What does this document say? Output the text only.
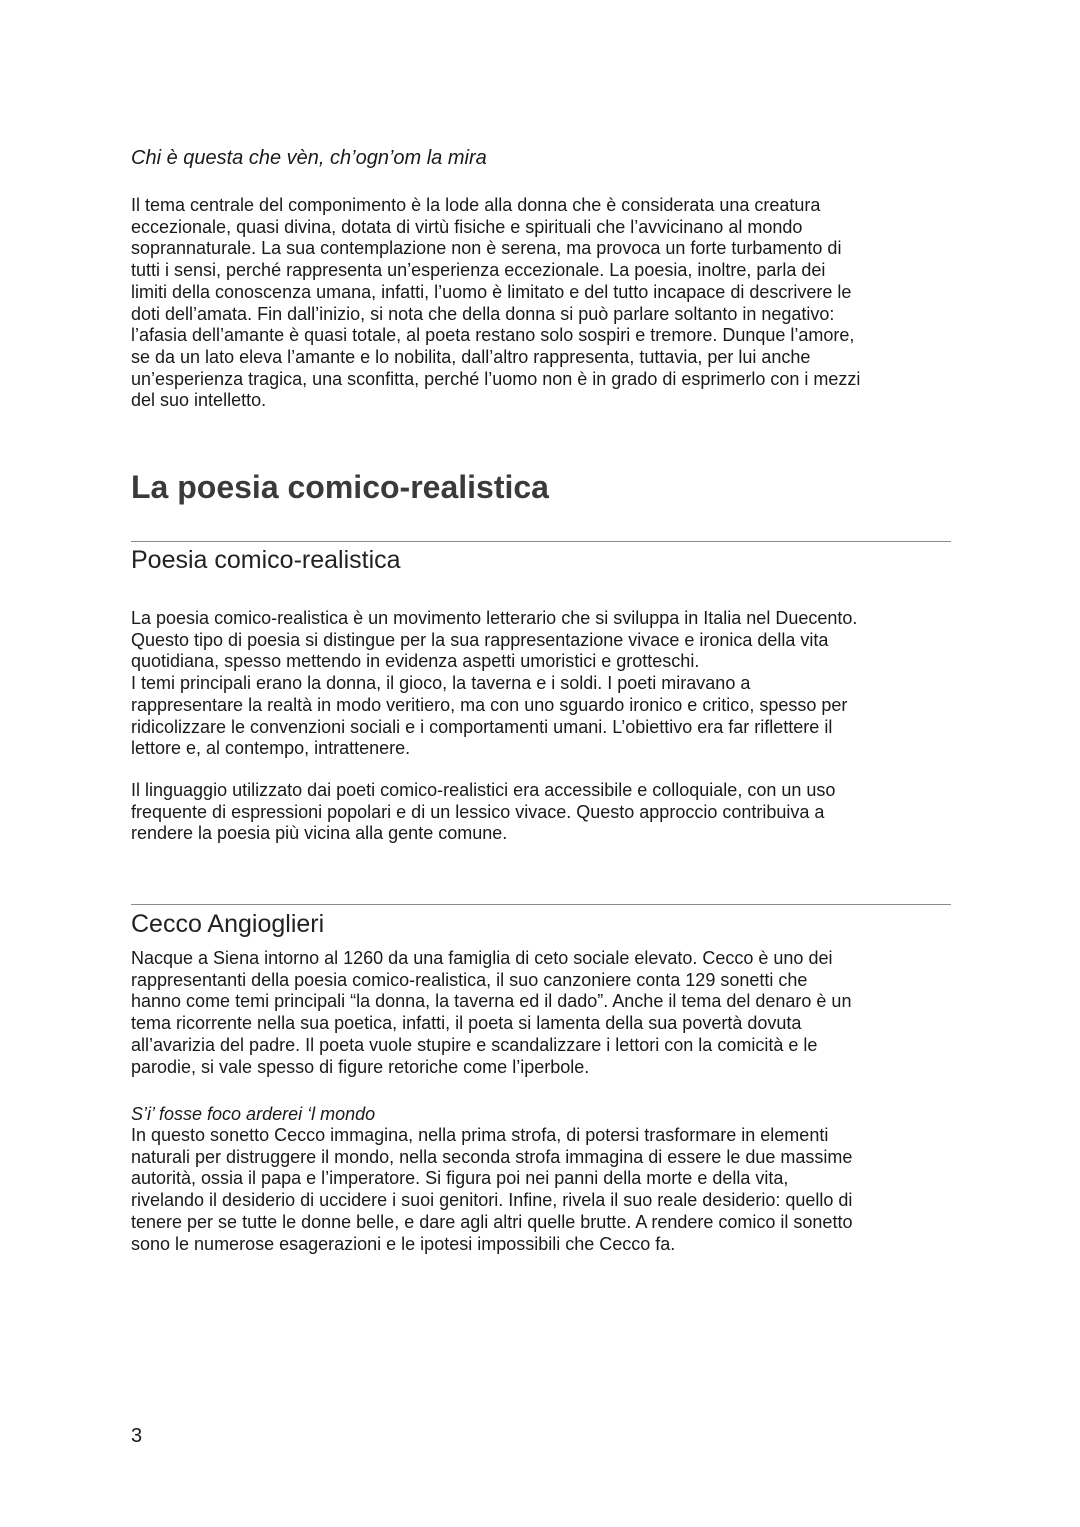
Chi è questa che vèn, ch’ogn’om la mira
Il tema centrale del componimento è la lode alla donna che è considerata una creatura
eccezionale, quasi divina, dotata di virtù fisiche e spirituali che l’avvicinano al mondo
soprannaturale. La sua contemplazione non è serena, ma provoca un forte turbamento di
tutti i sensi, perché rappresenta un’esperienza eccezionale. La poesia, inoltre, parla dei
limiti della conoscenza umana, infatti, l’uomo è limitato e del tutto incapace di descrivere le
doti dell’amata. Fin dall’inizio, si nota che della donna si può parlare soltanto in negativo:
l’afasia dell’amante è quasi totale, al poeta restano solo sospiri e tremore. Dunque l’amore,
se da un lato eleva l’amante e lo nobilita, dall’altro rappresenta, tuttavia, per lui anche
un’esperienza tragica, una sconfitta, perché l’uomo non è in grado di esprimerlo con i mezzi
del suo intelletto.
La poesia comico-realistica
Poesia comico-realistica
La poesia comico-realistica è un movimento letterario che si sviluppa in Italia nel Duecento.
Questo tipo di poesia si distingue per la sua rappresentazione vivace e ironica della vita
quotidiana, spesso mettendo in evidenza aspetti umoristici e grotteschi.
I temi principali erano la donna, il gioco, la taverna e i soldi. I poeti miravano a
rappresentare la realtà in modo veritiero, ma con uno sguardo ironico e critico, spesso per
ridicolizzare le convenzioni sociali e i comportamenti umani. L’obiettivo era far riflettere il
lettore e, al contempo, intrattenere.
Il linguaggio utilizzato dai poeti comico-realistici era accessibile e colloquiale, con un uso
frequente di espressioni popolari e di un lessico vivace. Questo approccio contribuiva a
rendere la poesia più vicina alla gente comune.
Cecco Angioglieri
Nacque a Siena intorno al 1260 da una famiglia di ceto sociale elevato. Cecco è uno dei
rappresentanti della poesia comico-realistica, il suo canzoniere conta 129 sonetti che
hanno come temi principali “la donna, la taverna ed il dado”. Anche il tema del denaro è un
tema ricorrente nella sua poetica, infatti, il poeta si lamenta della sua povertà dovuta
all’avarizia del padre. Il poeta vuole stupire e scandalizzare i lettori con la comicità e le
parodie, si vale spesso di figure retoriche come l’iperbole.
S’i’ fosse foco arderei ‘l mondo
In questo sonetto Cecco immagina, nella prima strofa, di potersi trasformare in elementi
naturali per distruggere il mondo, nella seconda strofa immagina di essere le due massime
autorità, ossia il papa e l’imperatore. Si figura poi nei panni della morte e della vita,
rivelando il desiderio di uccidere i suoi genitori. Infine, rivela il suo reale desiderio: quello di
tenere per se tutte le donne belle, e dare agli altri quelle brutte. A rendere comico il sonetto
sono le numerose esagerazioni e le ipotesi impossibili che Cecco fa.
3
